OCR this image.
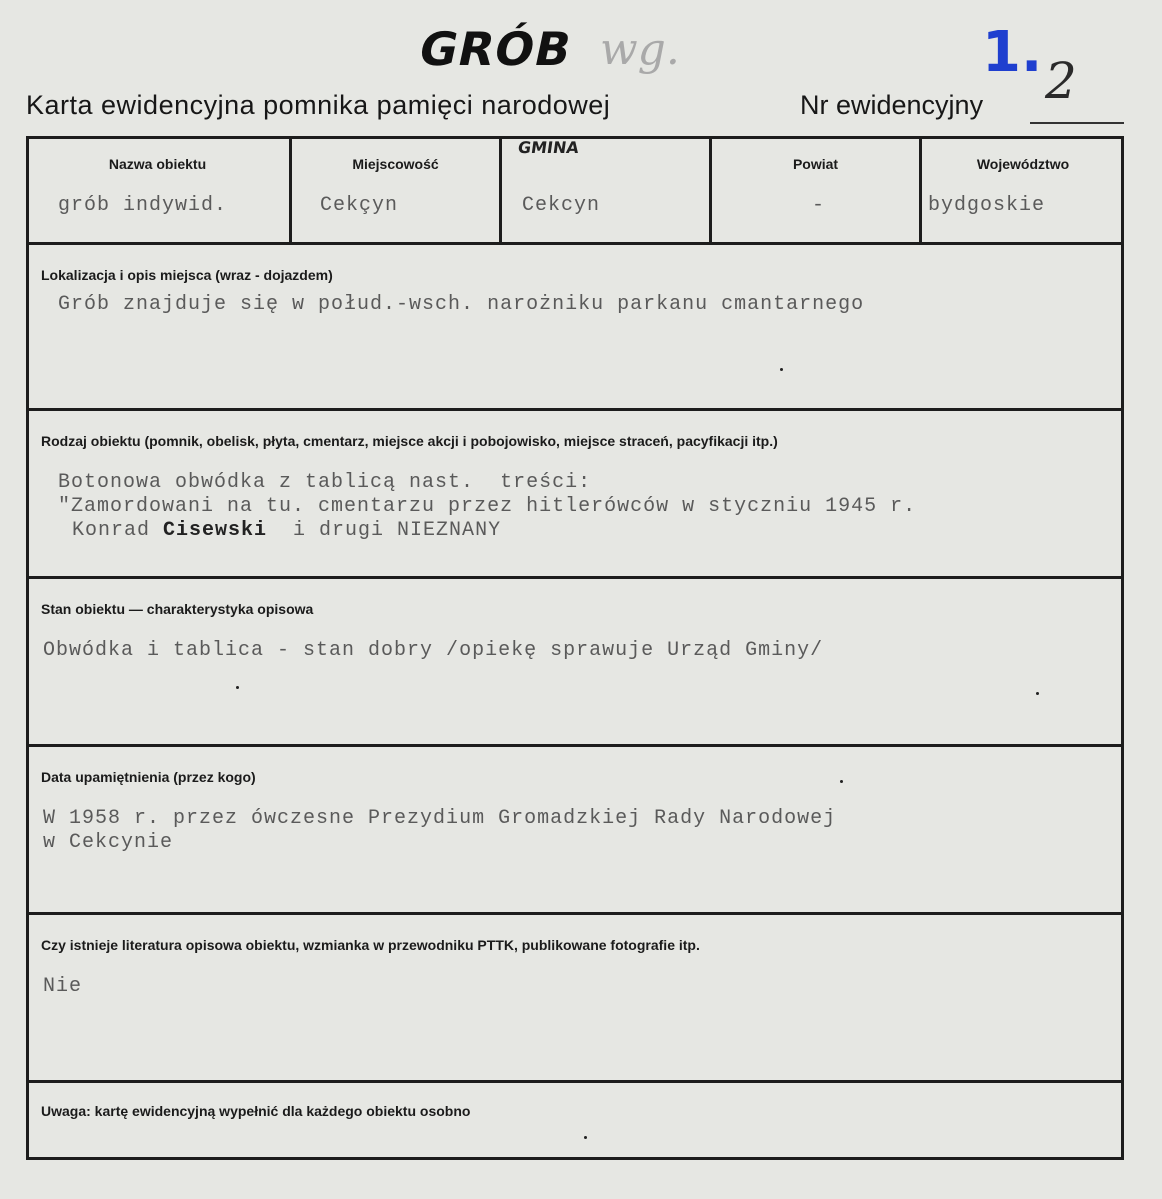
GRÓB wg.	1. 2
Karta ewidencyjna pomnika pamięci narodowej	Nr ewidencyjny
Nazwa obiektu
grób indywid.
Miejscowość
Cekçyn
GMINA
Cekcyn
Powiat
-
Województwo
bydgoskie
Lokalizacja i opis miejsca (wraz - dojazdem)
Grób znajduje się w połud.-wsch. narożniku parkanu cmantarnego
Rodzaj obiektu (pomnik, obelisk, płyta, cmentarz, miejsce akcji i pobojowisko, miejsce straceń, pacyfikacji itp.)
Botonowa obwódka z tablicą nast.  treści:
"Zamordowani na tu. cmentarzu przez hitlerówców w styczniu 1945 r.
Konrad Cisewski  i drugi NIEZNANY
Stan obiektu — charakterystyka opisowa
Obwódka i tablica - stan dobry /opiekę sprawuje Urząd Gminy/
Data upamiętnienia (przez kogo)
W 1958 r. przez ówczesne Prezydium Gromadzkiej Rady Narodowej
w Cekcynie
Czy istnieje literatura opisowa obiektu, wzmianka w przewodniku PTTK, publikowane fotografie itp.
Nie
Uwaga: kartę ewidencyjną wypełnić dla każdego obiektu osobno
